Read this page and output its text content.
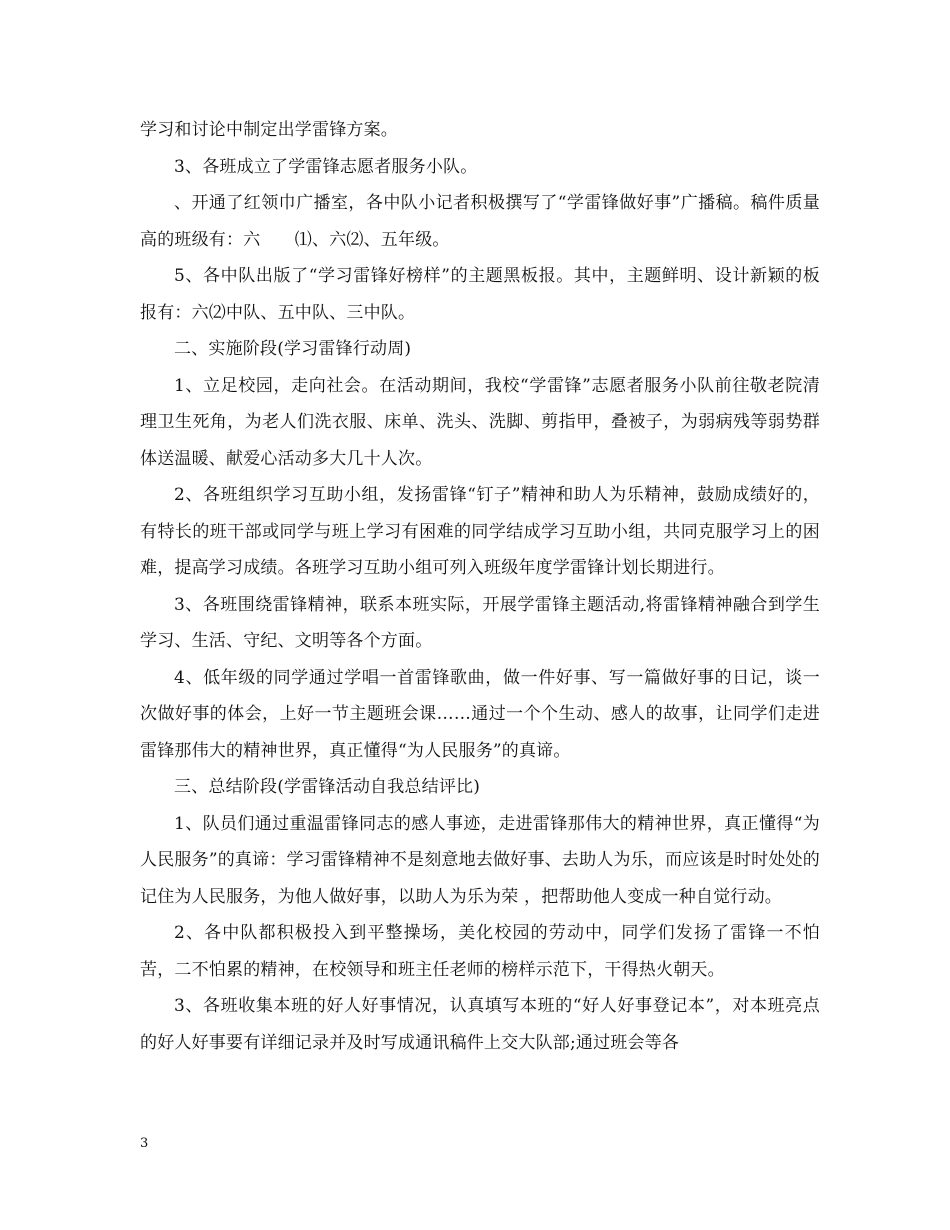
学习和讨论中制定出学雷锋方案。

3、各班成立了学雷锋志愿者服务小队。

、开通了红领巾广播室，各中队小记者积极撰写了“学雷锋做好事”广播稿。稿件质量高的班级有：六　　⑴、六⑵、五年级。

5、各中队出版了“学习雷锋好榜样”的主题黑板报。其中，主题鲜明、设计新颖的板报有：六⑵中队、五中队、三中队。

二、实施阶段(学习雷锋行动周)

1、立足校园，走向社会。在活动期间，我校“学雷锋”志愿者服务小队前往敬老院清理卫生死角，为老人们洗衣服、床单、洗头、洗脚、剪指甲，叠被子，为弱病残等弱势群体送温暖、献爱心活动多大几十人次。

2、各班组织学习互助小组，发扬雷锋“钉子”精神和助人为乐精神，鼓励成绩好的，有特长的班干部或同学与班上学习有困难的同学结成学习互助小组，共同克服学习上的困难，提高学习成绩。各班学习互助小组可列入班级年度学雷锋计划长期进行。

3、各班围绕雷锋精神，联系本班实际，开展学雷锋主题活动,将雷锋精神融合到学生学习、生活、守纪、文明等各个方面。

4、低年级的同学通过学唱一首雷锋歌曲，做一件好事、写一篇做好事的日记，谈一次做好事的体会，上好一节主题班会课……通过一个个生动、感人的故事，让同学们走进雷锋那伟大的精神世界，真正懂得“为人民服务”的真谛。

三、总结阶段(学雷锋活动自我总结评比)

1、队员们通过重温雷锋同志的感人事迹，走进雷锋那伟大的精神世界，真正懂得“为人民服务”的真谛：学习雷锋精神不是刻意地去做好事、去助人为乐，而应该是时时处处的记住为人民服务，为他人做好事，以助人为乐为荣 ，把帮助他人变成一种自觉行动。

2、各中队都积极投入到平整操场，美化校园的劳动中，同学们发扬了雷锋一不怕苦，二不怕累的精神，在校领导和班主任老师的榜样示范下，干得热火朝天。

3、各班收集本班的好人好事情况，认真填写本班的“好人好事登记本”，对本班亮点的好人好事要有详细记录并及时写成通讯稿件上交大队部;通过班会等各

3
